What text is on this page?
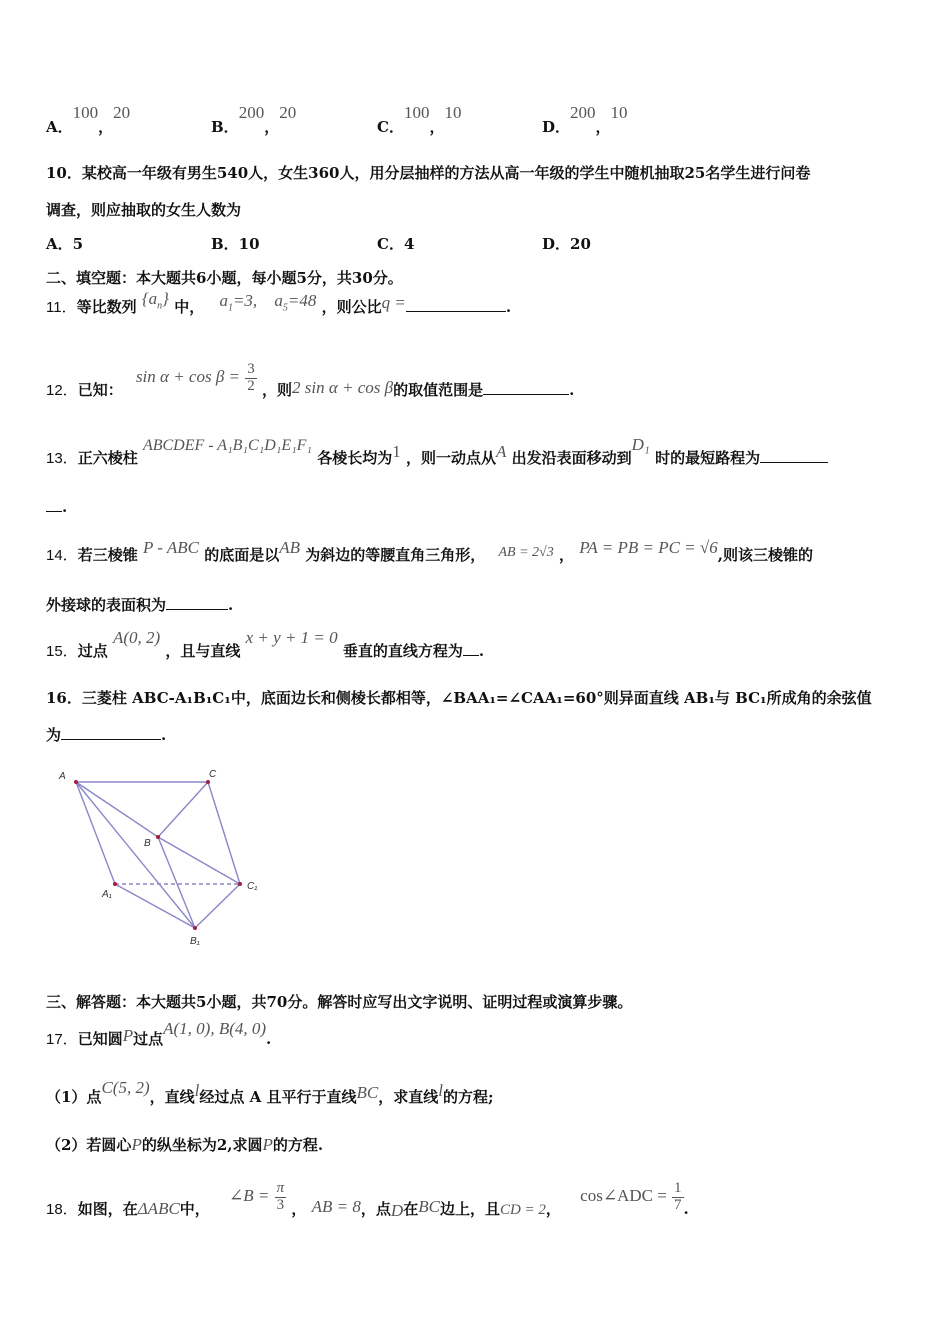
A．100，20
B．200，20
C．100，10
D．200，10
10．某校高一年级有男生540人，女生360人，用分层抽样的方法从高一年级的学生中随机抽取25名学生进行问卷
调查，则应抽取的女生人数为
A．5	B．10	C．4	D．20
二、填空题：本大题共6小题，每小题5分，共30分。
11．等比数列 $\{a_n\}$ 中， $a_1=3$, $a_5=48$ ，则公比q =	.
12．已知： $\sin \alpha + \cos \beta = \frac{3}{2}$ ，则2 sin α + cos β的取值范围是	.
13．正六棱柱 ABCDEF - A₁B₁C₁D₁E₁F₁ 各棱长均为1 ，则一动点从A 出发沿表面移动到D₁ 时的最短路程为
.
14．若三棱锥 P - ABC 的底面是以AB 为斜边的等腰直角三角形， AB = 2√3 ， PA = PB = PC = √6,则该三棱锥的
外接球的表面积为	.
15．过点 A(0, 2) ，且与直线 x + y + 1 = 0 垂直的直线方程为 .
16．三菱柱 ABC-A₁B₁C₁中，底面边长和侧棱长都相等，∠BAA₁=∠CAA₁=60°则异面直线 AB₁与 BC₁所成角的余弦值
为	.
A	C
B
A₁
C₁
B₁
三、解答题：本大题共5小题，共70分。解答时应写出文字说明、证明过程或演算步骤。
17．已知圆P过点A(1, 0), B(4, 0).
（1）点C(5, 2)，直线l经过点 A 且平行于直线BC，求直线l的方程;
（2）若圆心P的纵坐标为2,求圆P的方程.
18．如图，在ΔABC中， ∠B = $\frac{\pi}{3}$ ， AB = 8，点D在BC边上，且CD = 2， cos∠ADC = $\frac{1}{7}$ .
